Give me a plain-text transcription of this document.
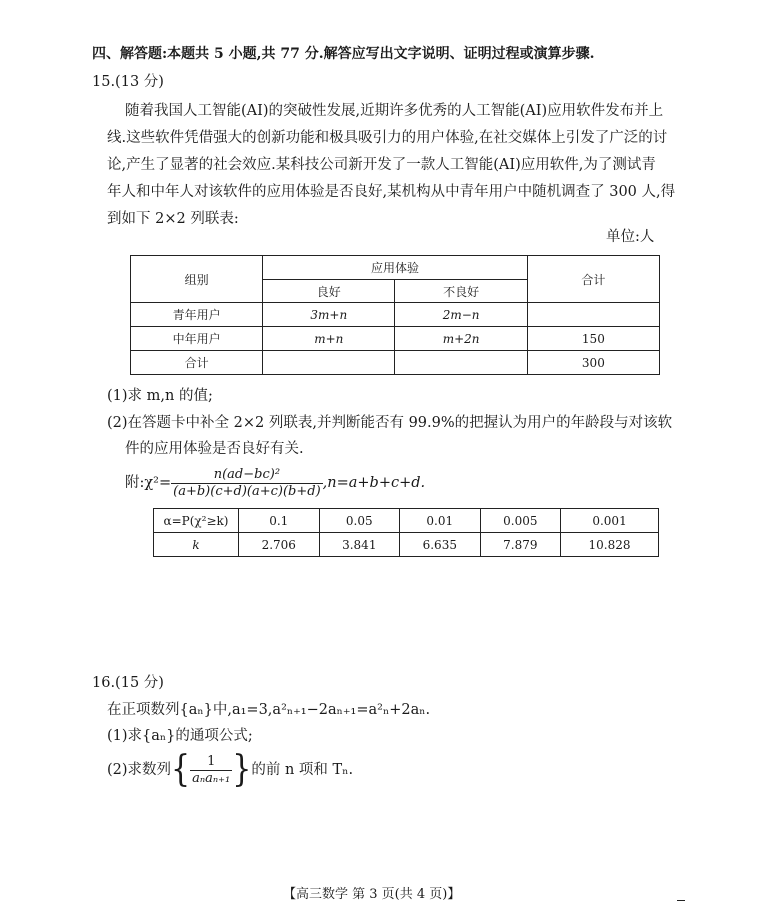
四、解答题:本题共 5 小题,共 77 分.解答应写出文字说明、证明过程或演算步骤.
15.(13 分)
随着我国人工智能(AI)的突破性发展,近期许多优秀的人工智能(AI)应用软件发布并上
线.这些软件凭借强大的创新功能和极具吸引力的用户体验,在社交媒体上引发了广泛的讨
论,产生了显著的社会效应.某科技公司新开发了一款人工智能(AI)应用软件,为了测试青
年人和中年人对该软件的应用体验是否良好,某机构从中青年用户中随机调查了 300 人,得
到如下 2×2 列联表:
单位:人
组别	应用体验		合计
	良好	不良好	
青年用户	3m+n	2m−n	
中年用户	m+n	m+2n	150
合计			300
(1)求 m,n 的值;
(2)在答题卡中补全 2×2 列联表,并判断能否有 99.9%的把握认为用户的年龄段与对该软
件的应用体验是否良好有关.
附:χ²= $\frac{\text{n(ad−bc)²}}{(a+b)(c+d)(a+c)(b+d)} ,n=a+b+c+d$.
α=P(χ²≥k)	0.1	0.05	0.01	0.005	0.001
k	2.706	3.841	6.635	7.879	10.828
16.(15 分)
在正项数列{aₙ}中,a₁=3,a²ₙ₊₁−2aₙ₊₁=a²ₙ+2aₙ.
(1)求{aₙ}的通项公式;
(2)求数列{ $\frac{1}{\text{aₙaₙ₊₁}}$ }的前 n 项和 Tₙ.
【高三数学 第 3 页(共 4 页)】
